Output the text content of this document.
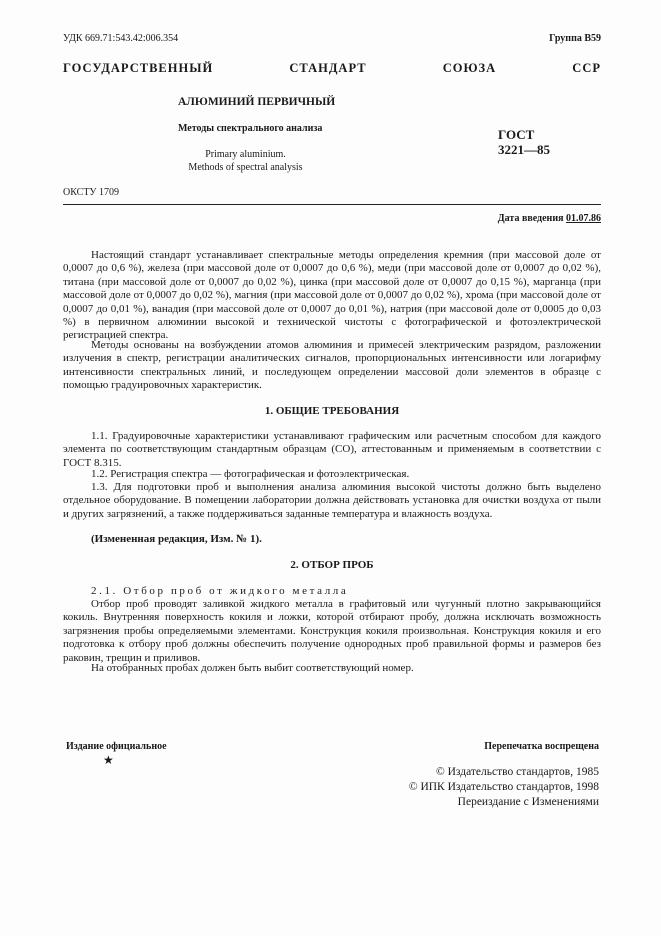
УДК 669.71:543.42:006.354	Группа В59
ГОСУДАРСТВЕННЫЙ СТАНДАРТ СОЮЗА ССР
АЛЮМИНИЙ ПЕРВИЧНЫЙ
Методы спектрального анализа
Primary aluminium.
Methods of spectral analysis
ГОСТ
3221—85
ОКСТУ 1709
Дата введения 01.07.86

Настоящий стандарт устанавливает спектральные методы определения кремния (при массовой доле от 0,0007 до 0,6 %), железа (при массовой доле от 0,0007 до 0,6 %), меди (при массовой доле от 0,0007 до 0,02 %), титана (при массовой доле от 0,0007 до 0,02 %), цинка (при массовой доле от 0,0007 до 0,15 %), марганца (при массовой доле от 0,0007 до 0,02 %), магния (при массовой доле от 0,0007 до 0,02 %), хрома (при массовой доле от 0,0007 до 0,01 %), ванадия (при массовой доле от 0,0007 до 0,01 %), натрия (при массовой доле от 0,0005 до 0,03 %) в первичном алюминии высокой и технической чистоты с фотографической и фотоэлектрической регистрацией спектра.

Методы основаны на возбуждении атомов алюминия и примесей электрическим разрядом, разложении излучения в спектр, регистрации аналитических сигналов, пропорциональных интенсивности или логарифму интенсивности спектральных линий, и последующем определении массовой доли элементов в образце с помощью градуировочных характеристик.

1. ОБЩИЕ ТРЕБОВАНИЯ

1.1. Градуировочные характеристики устанавливают графическим или расчетным способом для каждого элемента по соответствующим стандартным образцам (СО), аттестованным и применяемым в соответствии с ГОСТ 8.315.

1.2. Регистрация спектра — фотографическая и фотоэлектрическая.

1.3. Для подготовки проб и выполнения анализа алюминия высокой чистоты должно быть выделено отдельное оборудование. В помещении лаборатории должна действовать установка для очистки воздуха от пыли и других загрязнений, а также поддерживаться заданные температура и влажность воздуха.

(Измененная редакция, Изм. № 1).

2. ОТБОР ПРОБ

2.1. Отбор проб от жидкого металла

Отбор проб проводят заливкой жидкого металла в графитовый или чугунный плотно закрывающийся кокиль. Внутренняя поверхность кокиля и ложки, которой отбирают пробу, должна исключать возможность загрязнения пробы определяемыми элементами. Конструкция кокиля произвольная. Конструкция кокиля и его подготовка к отбору проб должны обеспечить получение однородных проб правильной формы и размеров без раковин, трещин и приливов.

На отобранных пробах должен быть выбит соответствующий номер.

Издание официальное	Перепечатка воспрещена
★
© Издательство стандартов, 1985
© ИПК Издательство стандартов, 1998
Переиздание с Изменениями
